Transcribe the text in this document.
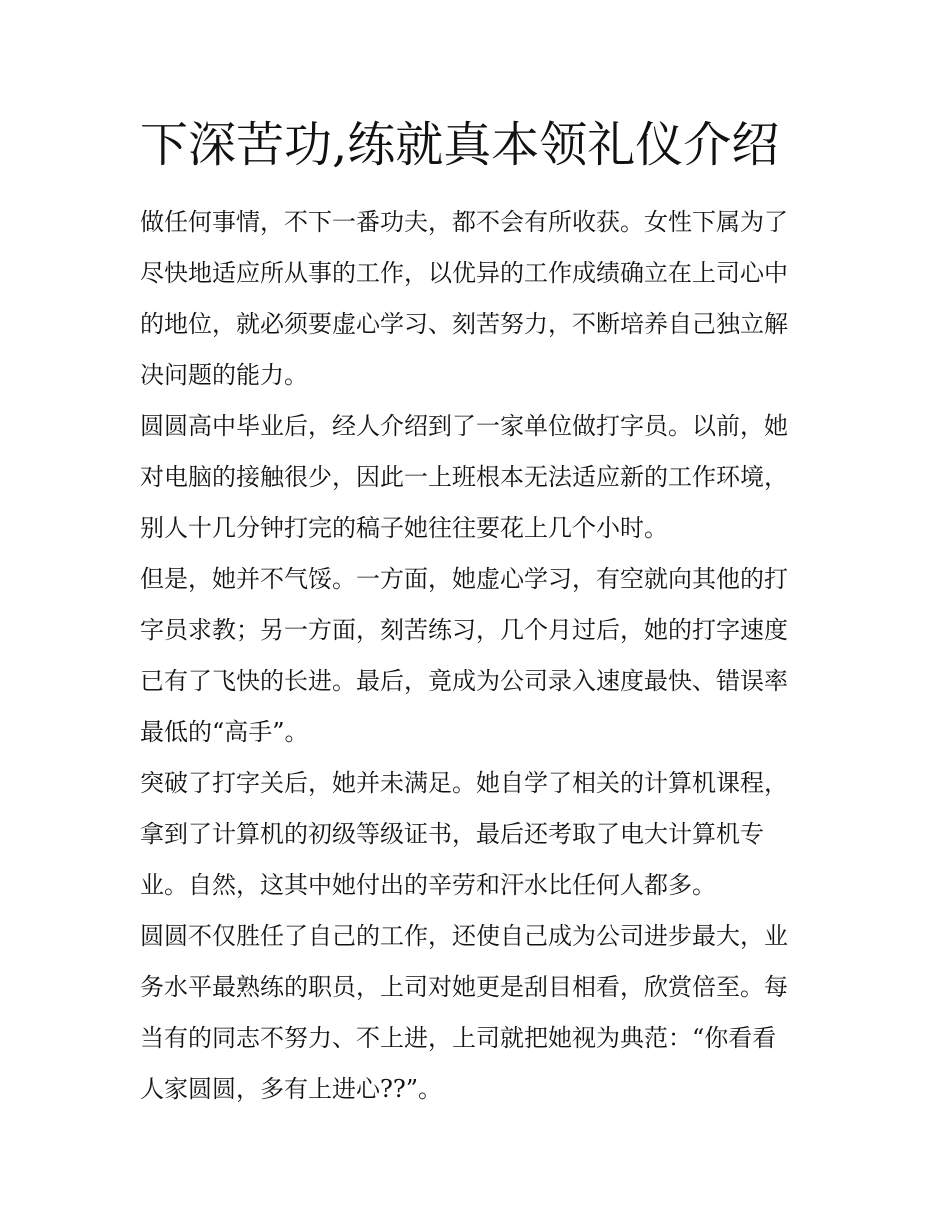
下深苦功,练就真本领礼仪介绍

做任何事情，不下一番功夫，都不会有所收获。女性下属为了
尽快地适应所从事的工作，以优异的工作成绩确立在上司心中
的地位，就必须要虚心学习、刻苦努力，不断培养自己独立解
决问题的能力。

圆圆高中毕业后，经人介绍到了一家单位做打字员。以前，她
对电脑的接触很少，因此一上班根本无法适应新的工作环境，
别人十几分钟打完的稿子她往往要花上几个小时。

但是，她并不气馁。一方面，她虚心学习，有空就向其他的打
字员求教；另一方面，刻苦练习，几个月过后，她的打字速度
已有了飞快的长进。最后，竟成为公司录入速度最快、错误率
最低的“高手”。

突破了打字关后，她并未满足。她自学了相关的计算机课程，
拿到了计算机的初级等级证书，最后还考取了电大计算机专
业。自然，这其中她付出的辛劳和汗水比任何人都多。

圆圆不仅胜任了自己的工作，还使自己成为公司进步最大，业
务水平最熟练的职员，上司对她更是刮目相看，欣赏倍至。每
当有的同志不努力、不上进，上司就把她视为典范：“你看看
人家圆圆，多有上进心??”。
